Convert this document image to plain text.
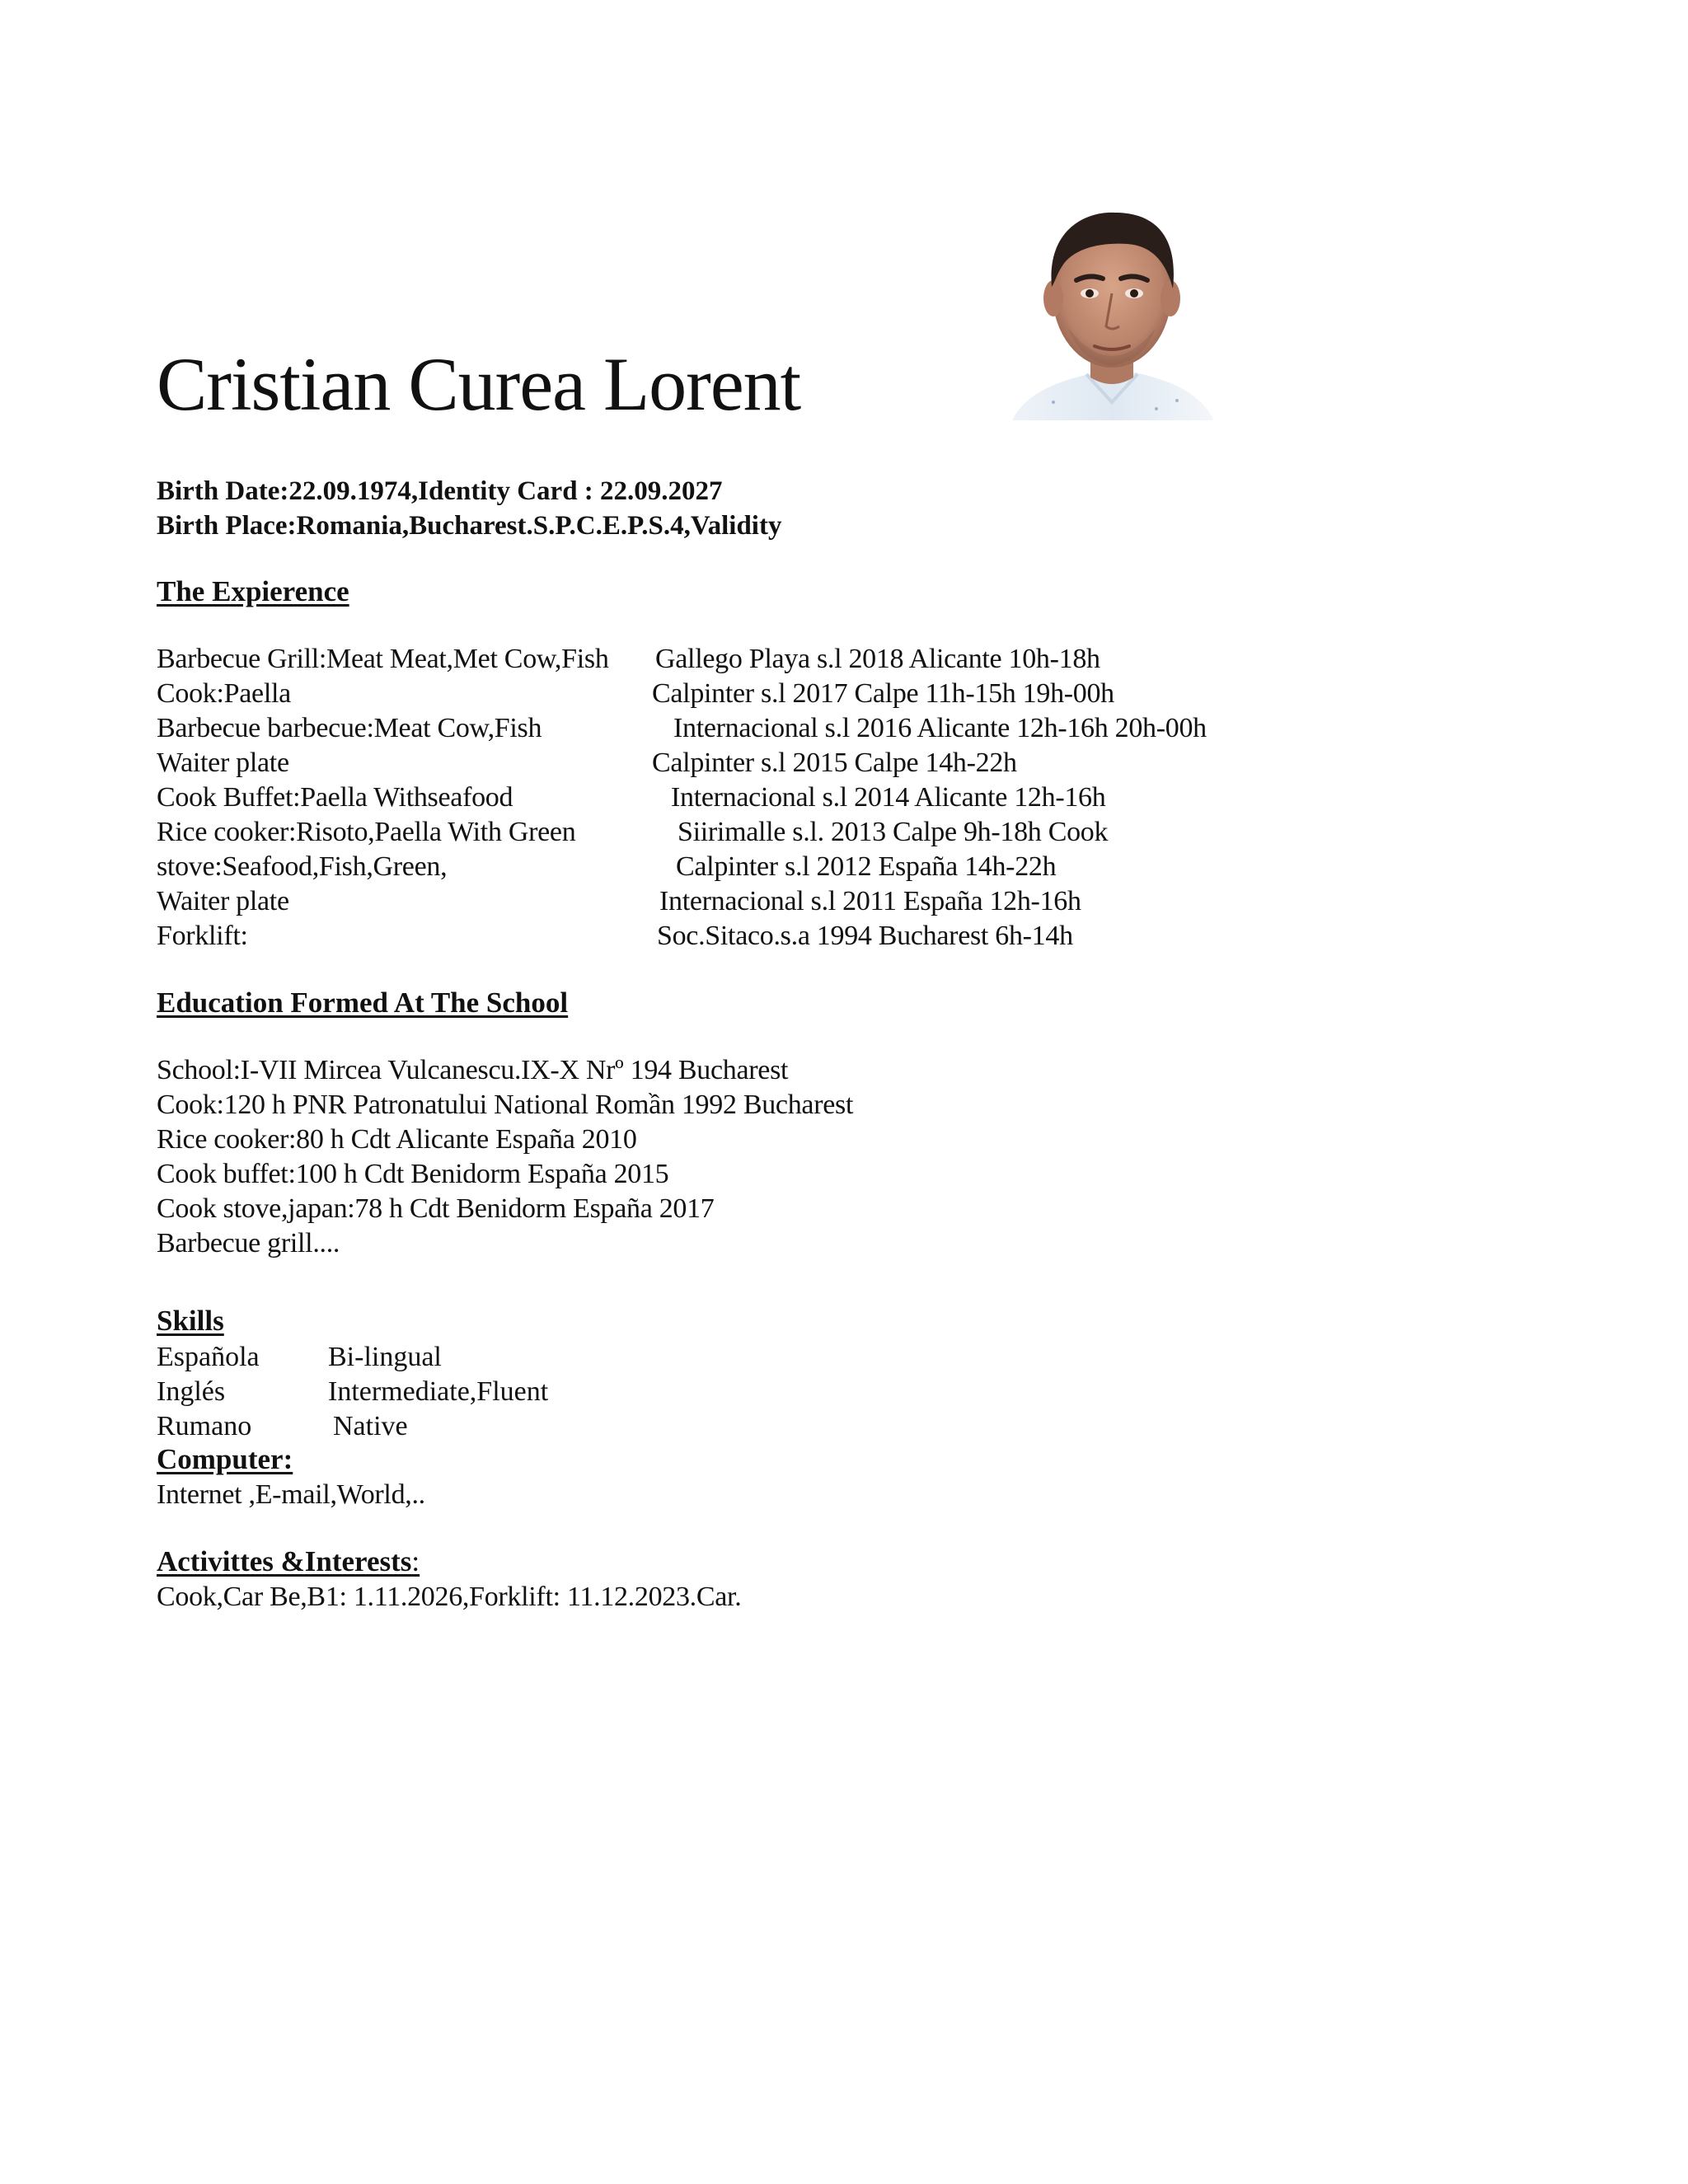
Cristian Curea Lorent
Birth Date:22.09.1974,Identity Card : 22.09.2027
Birth Place:Romania,Bucharest.S.P.C.E.P.S.4,Validity
The Expierence
Barbecue Grill:Meat Meat,Met Cow,Fish Gallego Playa s.l 2018 Alicante 10h-18h
Cook:Paella	Calpinter s.l 2017 Calpe 11h-15h 19h-00h
Barbecue barbecue:Meat Cow,Fish	Internacional s.l 2016 Alicante 12h-16h 20h-00h
Waiter plate	Calpinter s.l 2015 Calpe 14h-22h
Cook Buffet:Paella Withseafood	Internacional s.l 2014 Alicante 12h-16h
Rice cooker:Risoto,Paella With Green	Siirimalle s.l. 2013 Calpe 9h-18h Cook
stove:Seafood,Fish,Green,	Calpinter s.l 2012 España 14h-22h
Waiter plate	Internacional s.l 2011 España 12h-16h
Forklift:	Soc.Sitaco.s.a 1994 Bucharest 6h-14h
Education Formed At The School
School:I-VII Mircea Vulcanescu.IX-X Nrº 194 Bucharest
Cook:120 h PNR Patronatului National Romần 1992 Bucharest
Rice cooker:80 h Cdt Alicante España 2010
Cook buffet:100 h Cdt Benidorm España 2015
Cook stove,japan:78 h Cdt Benidorm España 2017
Barbecue grill....
Skills
Española Bi-lingual
Inglés	Intermediate,Fluent
Rumano	Native
Computer:
Internet ,E-mail,World,..
Activittes &Interests:
Cook,Car Be,B1: 1.11.2026,Forklift: 11.12.2023.Car.
